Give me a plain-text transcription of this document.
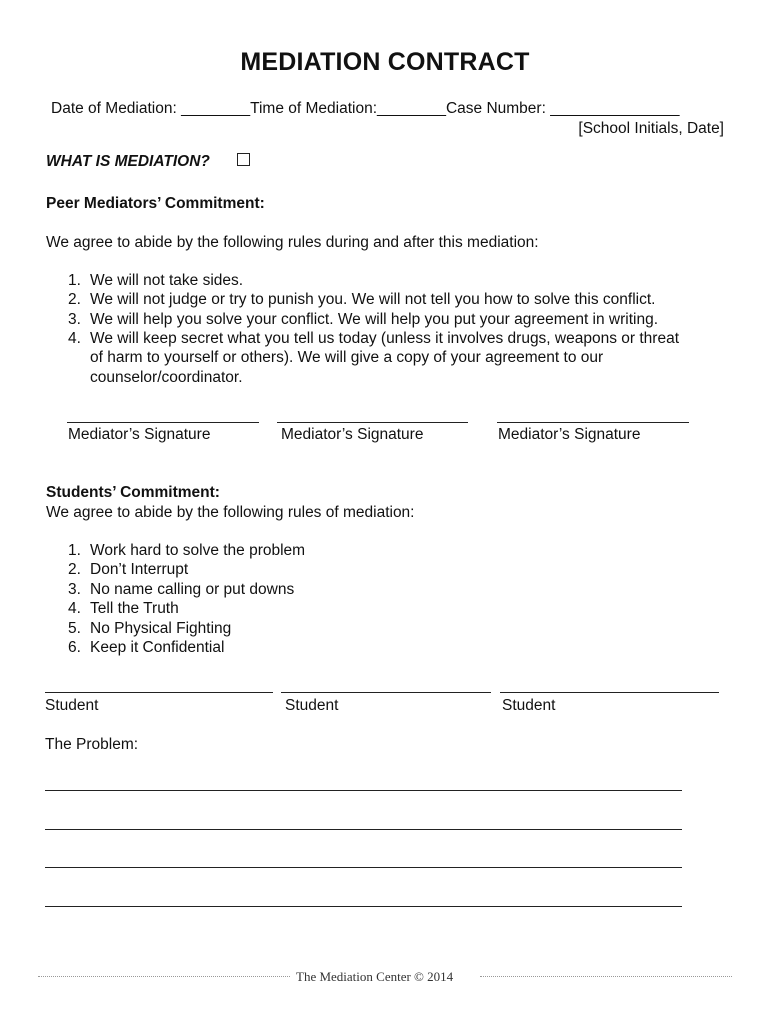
MEDIATION CONTRACT
Date of Mediation: ________Time of Mediation:________Case Number: _______________
[School Initials, Date]
WHAT IS MEDIATION?
Peer Mediators’ Commitment:
We agree to abide by the following rules during and after this mediation:
1. We will not take sides.
2. We will not judge or try to punish you. We will not tell you how to solve this conflict.
3. We will help you solve your conflict. We will help you put your agreement in writing.
4. We will keep secret what you tell us today (unless it involves drugs, weapons or threat
of harm to yourself or others). We will give a copy of your agreement to our
counselor/coordinator.
Mediator’s Signature	Mediator’s Signature	Mediator’s Signature
Students’ Commitment:
We agree to abide by the following rules of mediation:
1. Work hard to solve the problem
2. Don’t Interrupt
3. No name calling or put downs
4. Tell the Truth
5. No Physical Fighting
6. Keep it Confidential
Student	Student	Student
The Problem:
The Mediation Center © 2014
